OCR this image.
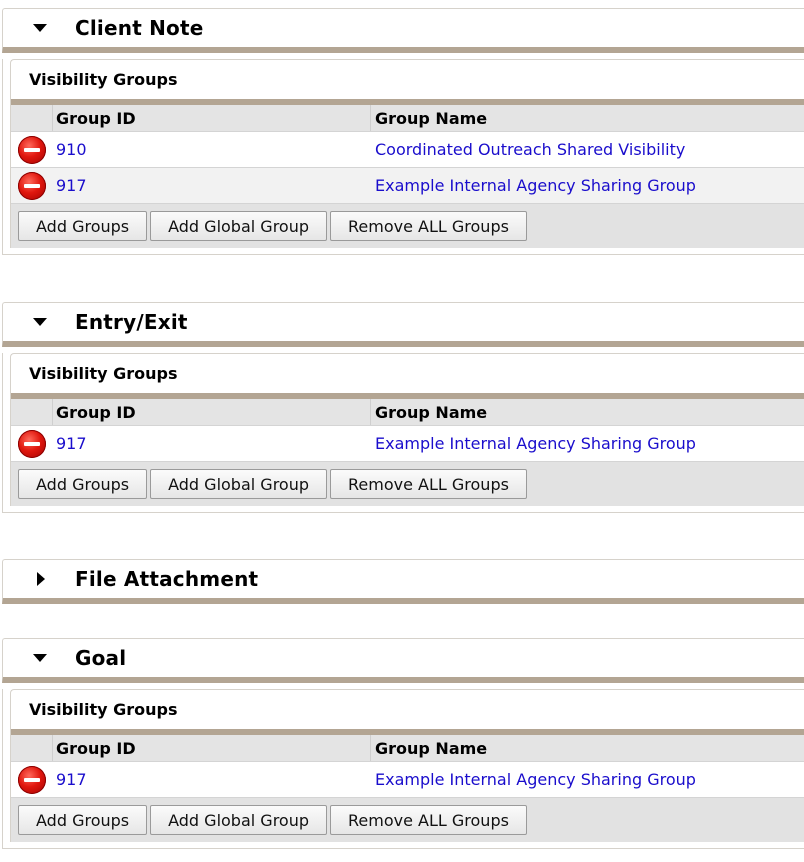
Client Note
Visibility Groups
Group ID	Group Name
910	Coordinated Outreach Shared Visibility
917	Example Internal Agency Sharing Group
Add Groups	Add Global Group	Remove ALL Groups
Entry/Exit
Visibility Groups
Group ID	Group Name
917	Example Internal Agency Sharing Group
Add Groups	Add Global Group	Remove ALL Groups
File Attachment
Goal
Visibility Groups
Group ID	Group Name
917	Example Internal Agency Sharing Group
Add Groups	Add Global Group	Remove ALL Groups
